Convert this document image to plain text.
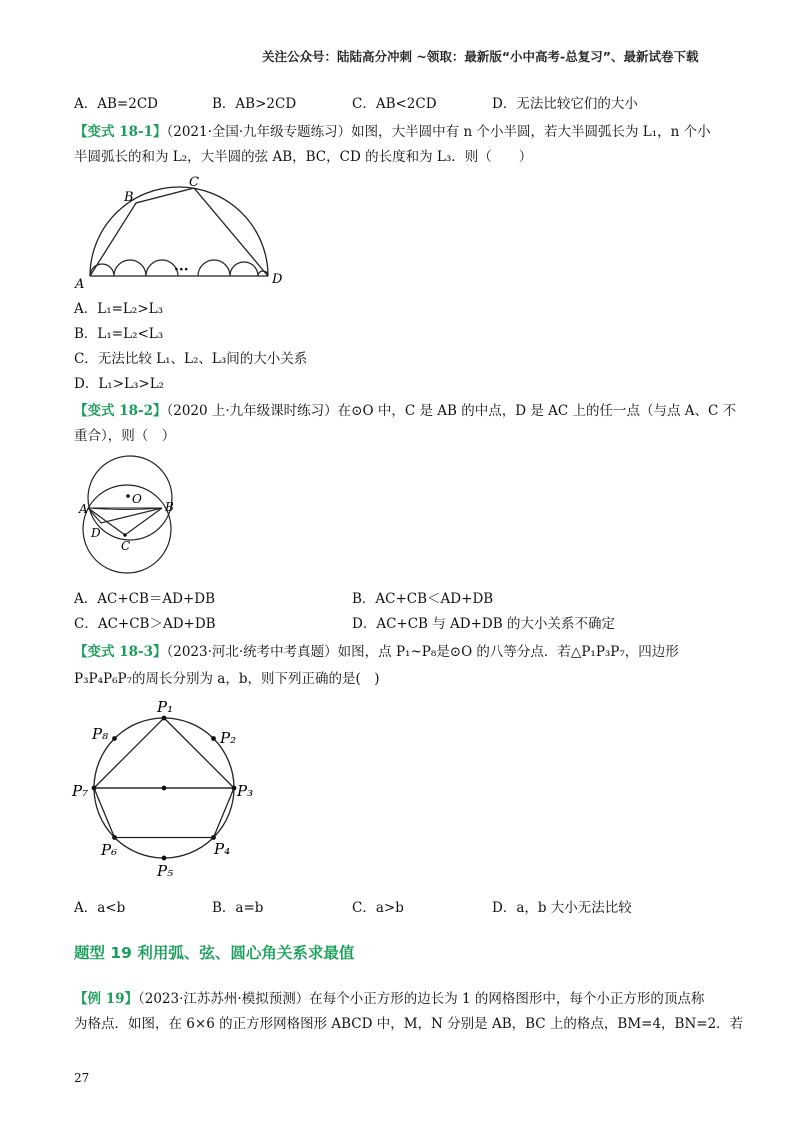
关注公众号：陆陆高分冲刺 ~领取：最新版“小中高考-总复习”、最新试卷下载
A．AB=2CD	B．AB>2CD	C．AB<2CD	D．无法比较它们的大小
【变式 18-1】（2021·全国·九年级专题练习）如图，大半圆中有 n 个小半圆，若大半圆弧长为 L₁，n 个小
半圆弧长的和为 L₂，大半圆的弦 AB，BC，CD 的长度和为 L₃．则（　　）
A
B
C
D
···
A．L₁=L₂>L₃
B．L₁=L₂<L₃
C．无法比较 L₁、L₂、L₃间的大小关系
D．L₁>L₃>L₂
【变式 18-2】（2020 上·九年级课时练习）在⊙O 中，C 是 AB 的中点，D 是 AC 上的任一点（与点 A、C 不
重合），则（　）
A	B
C
D
O
A．AC+CB＝AD+DB	B．AC+CB＜AD+DB
C．AC+CB＞AD+DB	D．AC+CB 与 AD+DB 的大小关系不确定
【变式 18-3】（2023·河北·统考中考真题）如图，点 P₁~P₈是⊙O 的八等分点．若△P₁P₃P₇，四边形
P₃P₄P₆P₇的周长分别为 a，b，则下列正确的是(　)
P₁
P₂
P₃
P₄
P₅
P₆
P₇
P₈
A．a<b	B．a=b	C．a>b	D．a，b 大小无法比较
题型 19 利用弧、弦、圆心角关系求最值
【例 19】（2023·江苏苏州·模拟预测）在每个小正方形的边长为 1 的网格图形中，每个小正方形的顶点称
为格点．如图，在 6×6 的正方形网格图形 ABCD 中，M，N 分别是 AB，BC 上的格点，BM=4，BN=2．若
27
